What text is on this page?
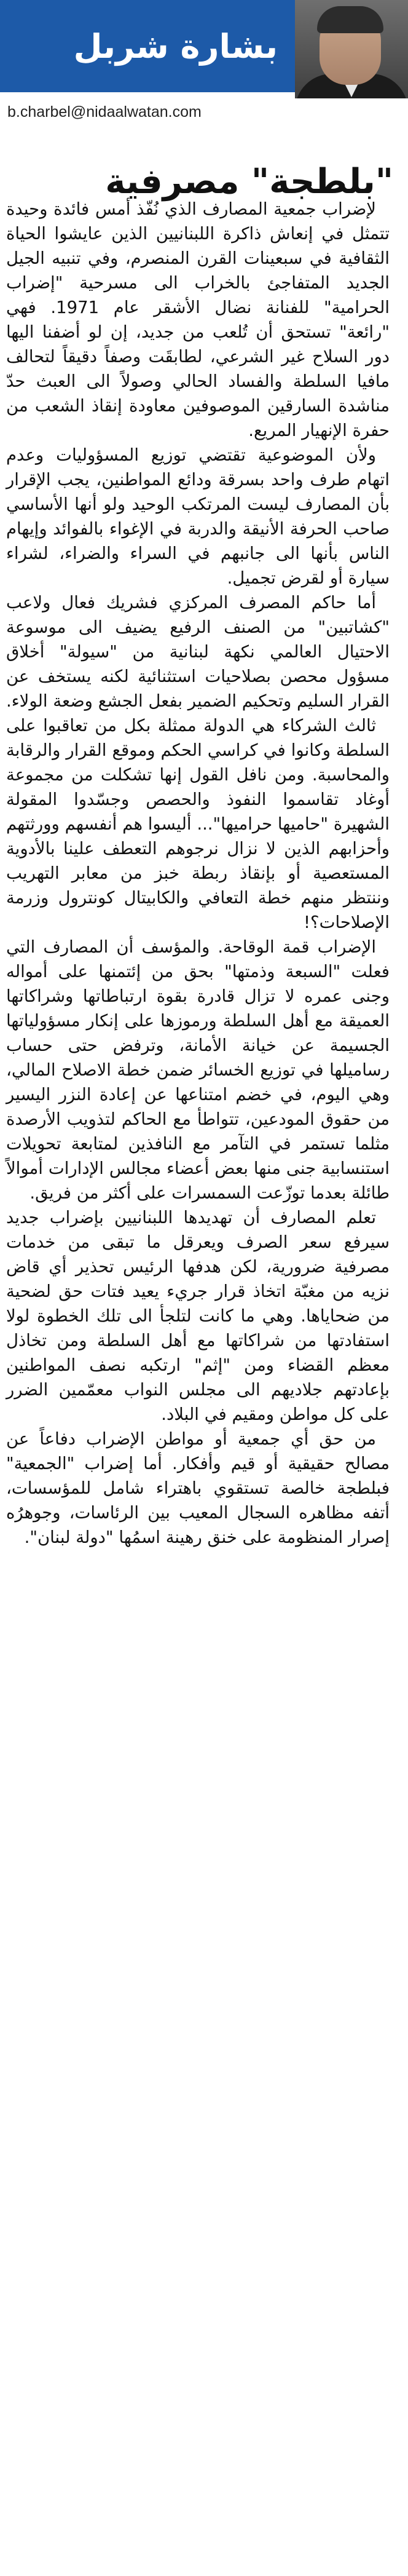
بشارة شربل
b.charbel@nidaalwatan.com
"بلطجة" مصرفية

لإضراب جمعية المصارف الذي نُفّذ أمس فائدة وحيدة تتمثل في إنعاش ذاكرة اللبنانيين الذين عايشوا الحياة الثقافية في سبعينات القرن المنصرم، وفي تنبيه الجيل الجديد المتفاجئ بالخراب الى مسرحية "إضراب الحرامية" للفنانة نضال الأشقر عام 1971. فهي "رائعة" تستحق أن تُلعب من جديد، إن لو أضفنا اليها دور السلاح غير الشرعي، لطابقَت وصفاً دقيقاً لتحالف مافيا السلطة والفساد الحالي وصولاً الى العبث حدّ مناشدة السارقين الموصوفين معاودة إنقاذ الشعب من حفرة الإنهيار المريع.

ولأن الموضوعية تقتضي توزيع المسؤوليات وعدم اتهام طرف واحد بسرقة ودائع المواطنين، يجب الإقرار بأن المصارف ليست المرتكب الوحيد ولو أنها الأساسي صاحب الحرفة الأنيقة والدربة في الإغواء بالفوائد وإيهام الناس بأنها الى جانبهم في السراء والضراء، لشراء سيارة أو لقرض تجميل.

أما حاكم المصرف المركزي فشريك فعال ولاعب "كشاتبين" من الصنف الرفيع يضيف الى موسوعة الاحتيال العالمي نكهة لبنانية من "سيولة" أخلاق مسؤول محصن بصلاحيات استثنائية لكنه يستخف عن القرار السليم وتحكيم الضمير بفعل الجشع وضعة الولاء.

ثالث الشركاء هي الدولة ممثلة بكل من تعاقبوا على السلطة وكانوا في كراسي الحكم وموقع القرار والرقابة والمحاسبة. ومن نافل القول إنها تشكلت من مجموعة أوغاد تقاسموا النفوذ والحصص وجسّدوا المقولة الشهيرة "حاميها حراميها"... أليسوا هم أنفسهم وورثتهم وأحزابهم الذين لا نزال نرجوهم التعطف علينا بالأدوية المستعصية أو بإنقاذ ربطة خبز من معابر التهريب وننتظر منهم خطة التعافي والكابيتال كونترول وزرمة الإصلاحات؟!

الإضراب قمة الوقاحة. والمؤسف أن المصارف التي فعلت "السبعة وذمتها" بحق من إئتمنها على أمواله وجنى عمره لا تزال قادرة بقوة ارتباطاتها وشراكاتها العميقة مع أهل السلطة ورموزها على إنكار مسؤولياتها الجسيمة عن خيانة الأمانة، وترفض حتى حساب رساميلها في توزيع الخسائر ضمن خطة الاصلاح المالي، وهي اليوم، في خضم امتناعها عن إعادة النزر اليسير من حقوق المودعين، تتواطأ مع الحاكم لتذويب الأرصدة مثلما تستمر في التآمر مع النافذين لمتابعة تحويلات استنسابية جنى منها بعض أعضاء مجالس الإدارات أموالاً طائلة بعدما توزّعت السمسرات على أكثر من فريق.

تعلم المصارف أن تهديدها اللبنانيين بإضراب جديد سيرفع سعر الصرف ويعرقل ما تبقى من خدمات مصرفية ضرورية، لكن هدفها الرئيس تحذير أي قاض نزيه من مغبّة اتخاذ قرار جريء يعيد فتات حق لضحية من ضحاياها. وهي ما كانت لتلجأ الى تلك الخطوة لولا استفادتها من شراكاتها مع أهل السلطة ومن تخاذل معظم القضاء ومن "إثم" ارتكبه نصف المواطنين بإعادتهم جلاديهم الى مجلس النواب معمّمين الضرر على كل مواطن ومقيم في البلاد.

من حق أي جمعية أو مواطن الإضراب دفاعاً عن مصالح حقيقية أو قيم وأفكار. أما إضراب "الجمعية" فبلطجة خالصة تستقوي باهتراء شامل للمؤسسات، أتفه مظاهره السجال المعيب بين الرئاسات، وجوهرُه إصرار المنظومة على خنق رهينة اسمُها "دولة لبنان".
